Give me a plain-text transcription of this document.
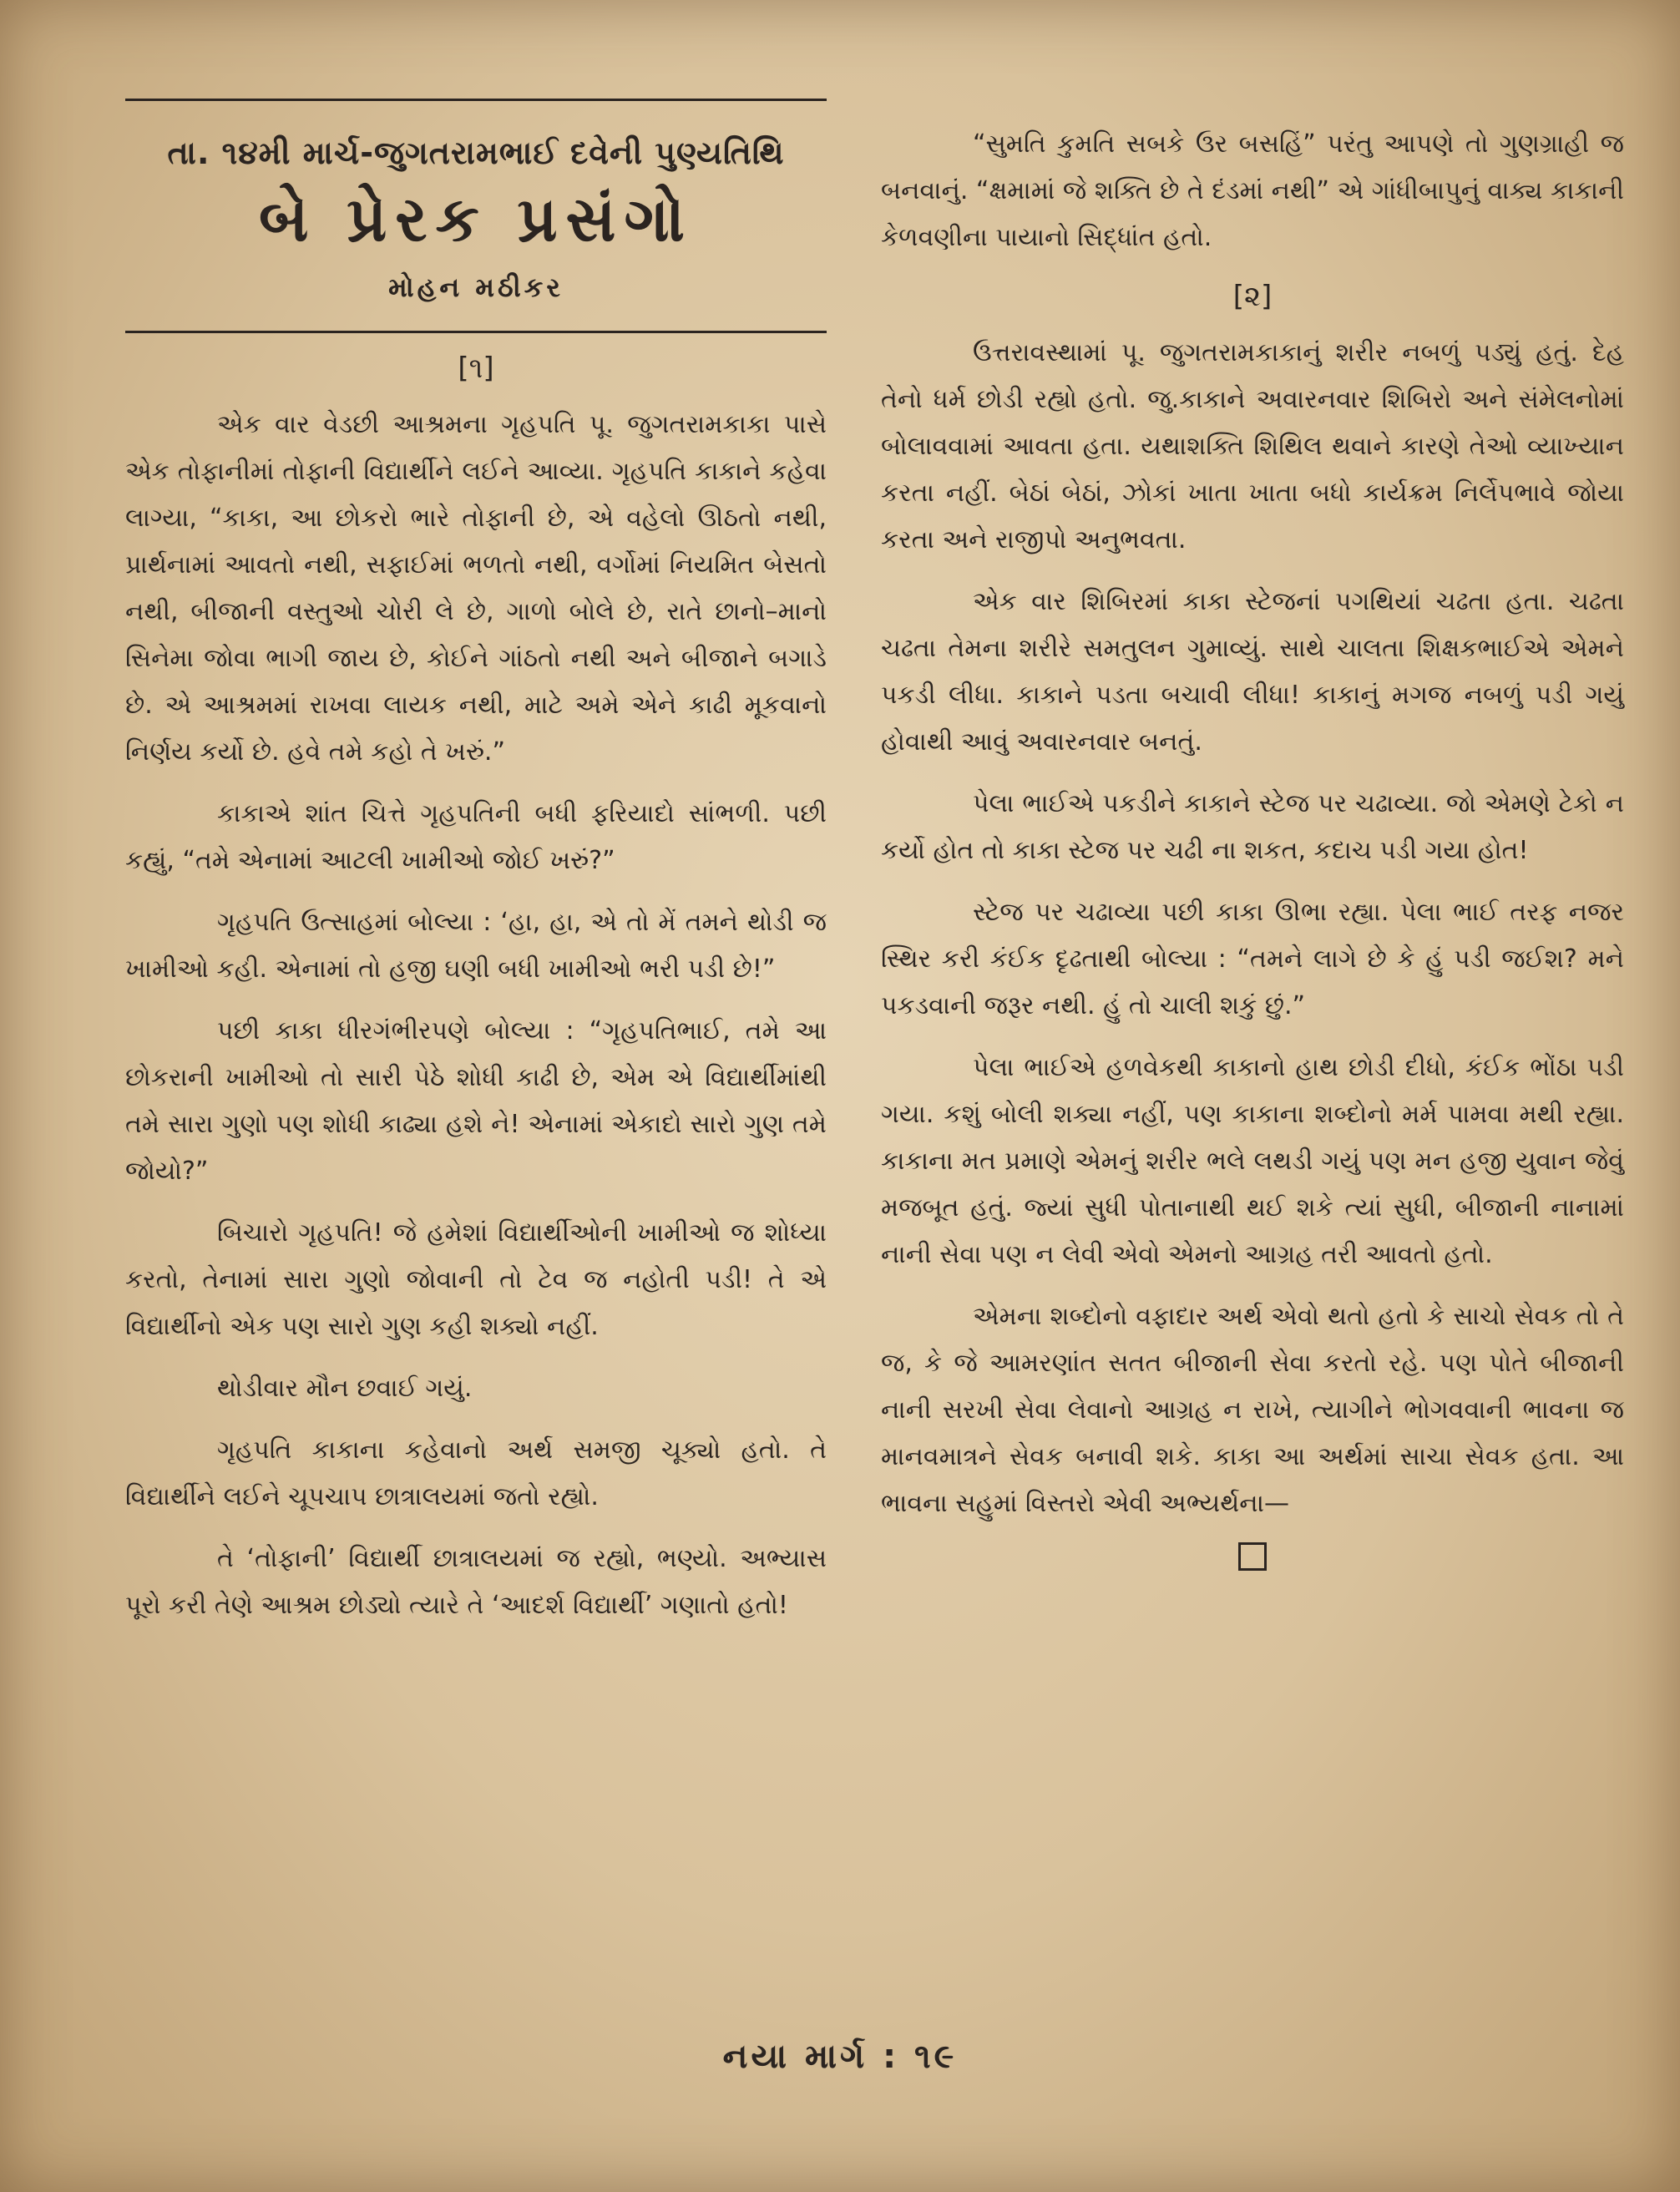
તા. ૧૪મી માર્ચ-જુગતરામભાઈ દવેની પુણ્યતિથિ
બે પ્રેરક પ્રસંગો
મોહન મઠીકર
[૧]

એક વાર વેડછી આશ્રમના ગૃહપતિ પૂ. જુગતરામકાકા પાસે એક તોફાનીમાં તોફાની વિદ્યાર્થીને લઈને આવ્યા. ગૃહપતિ કાકાને કહેવા લાગ્યા, “કાકા, આ છોકરો ભારે તોફાની છે, એ વહેલો ઊઠતો નથી, પ્રાર્થનામાં આવતો નથી, સફાઈમાં ભળતો નથી, વર્ગોમાં નિયમિત બેસતો નથી, બીજાની વસ્તુઓ ચોરી લે છે, ગાળો બોલે છે, રાતે છાનો–માનો સિનેમા જોવા ભાગી જાય છે, કોઈને ગાંઠતો નથી અને બીજાને બગાડે છે. એ આશ્રમમાં રાખવા લાયક નથી, માટે અમે એને કાઢી મૂકવાનો નિર્ણય કર્યો છે. હવે તમે કહો તે ખરું.”

કાકાએ શાંત ચિત્તે ગૃહપતિની બધી ફરિયાદો સાંભળી. પછી કહ્યું, “તમે એનામાં આટલી ખામીઓ જોઈ ખરું?”

ગૃહપતિ ઉત્સાહમાં બોલ્યા : ‘હા, હા, એ તો મેં તમને થોડી જ ખામીઓ કહી. એનામાં તો હજી ઘણી બધી ખામીઓ ભરી પડી છે!”

પછી કાકા ધીરગંભીરપણે બોલ્યા : “ગૃહપતિભાઈ, તમે આ છોકરાની ખામીઓ તો સારી પેઠે શોધી કાઢી છે, એમ એ વિદ્યાર્થીમાંથી તમે સારા ગુણો પણ શોધી કાઢ્યા હશે ને! એનામાં એકાદો સારો ગુણ તમે જોયો?”

બિચારો ગૃહપતિ! જે હમેશાં વિદ્યાર્થીઓની ખામીઓ જ શોધ્યા કરતો, તેનામાં સારા ગુણો જોવાની તો ટેવ જ નહોતી પડી! તે એ વિદ્યાર્થીનો એક પણ સારો ગુણ કહી શક્યો નહીં.

થોડીવાર મૌન છવાઈ ગયું.

ગૃહપતિ કાકાના કહેવાનો અર્થ સમજી ચૂક્યો હતો. તે વિદ્યાર્થીને લઈને ચૂપચાપ છાત્રાલયમાં જતો રહ્યો.

તે ‘તોફાની’ વિદ્યાર્થી છાત્રાલયમાં જ રહ્યો, ભણ્યો. અભ્યાસ પૂરો કરી તેણે આશ્રમ છોડ્યો ત્યારે તે ‘આદર્શ વિદ્યાર્થી’ ગણાતો હતો!

“સુમતિ કુમતિ સબકે ઉર બસહિં” પરંતુ આપણે તો ગુણગ્રાહી જ બનવાનું. “ક્ષમામાં જે શક્તિ છે તે દંડમાં નથી” એ ગાંધીબાપુનું વાક્ય કાકાની કેળવણીના પાયાનો સિદ્ધાંત હતો.

[૨]

ઉત્તરાવસ્થામાં પૂ. જુગતરામકાકાનું શરીર નબળું પડ્યું હતું. દેહ તેનો ધર્મ છોડી રહ્યો હતો. જુ.કાકાને અવારનવાર શિબિરો અને સંમેલનોમાં બોલાવવામાં આવતા હતા. યથાશક્તિ શિથિલ થવાને કારણે તેઓ વ્યાખ્યાન કરતા નહીં. બેઠાં બેઠાં, ઝોકાં ખાતા ખાતા બધો કાર્યક્રમ નિર્લેપભાવે જોયા કરતા અને રાજીપો અનુભવતા.

એક વાર શિબિરમાં કાકા સ્ટેજનાં પગથિયાં ચઢતા હતા. ચઢતા ચઢતા તેમના શરીરે સમતુલન ગુમાવ્યું. સાથે ચાલતા શિક્ષકભાઈએ એમને પકડી લીધા. કાકાને પડતા બચાવી લીધા! કાકાનું મગજ નબળું પડી ગયું હોવાથી આવું અવારનવાર બનતું.

પેલા ભાઈએ પકડીને કાકાને સ્ટેજ પર ચઢાવ્યા. જો એમણે ટેકો ન કર્યો હોત તો કાકા સ્ટેજ પર ચઢી ના શકત, કદાચ પડી ગયા હોત!

સ્ટેજ પર ચઢાવ્યા પછી કાકા ઊભા રહ્યા. પેલા ભાઈ તરફ નજર સ્થિર કરી કંઈક દૃઢતાથી બોલ્યા : “તમને લાગે છે કે હું પડી જઈશ? મને પકડવાની જરૂર નથી. હું તો ચાલી શકું છું.”

પેલા ભાઈએ હળવેકથી કાકાનો હાથ છોડી દીધો, કંઈક ભોંઠા પડી ગયા. કશું બોલી શક્યા નહીં, પણ કાકાના શબ્દોનો મર્મ પામવા મથી રહ્યા. કાકાના મત પ્રમાણે એમનું શરીર ભલે લથડી ગયું પણ મન હજી યુવાન જેવું મજબૂત હતું. જ્યાં સુધી પોતાનાથી થઈ શકે ત્યાં સુધી, બીજાની નાનામાં નાની સેવા પણ ન લેવી એવો એમનો આગ્રહ તરી આવતો હતો.

એમના શબ્દોનો વફાદાર અર્થ એવો થતો હતો કે સાચો સેવક તો તે જ, કે જે આમરણાંત સતત બીજાની સેવા કરતો રહે. પણ પોતે બીજાની નાની સરખી સેવા લેવાનો આગ્રહ ન રાખે, ત્યાગીને ભોગવવાની ભાવના જ માનવમાત્રને સેવક બનાવી શકે. કાકા આ અર્થમાં સાચા સેવક હતા. આ ભાવના સહુમાં વિસ્તરો એવી અભ્યર્થના—

નયા માર્ગ : ૧૯
